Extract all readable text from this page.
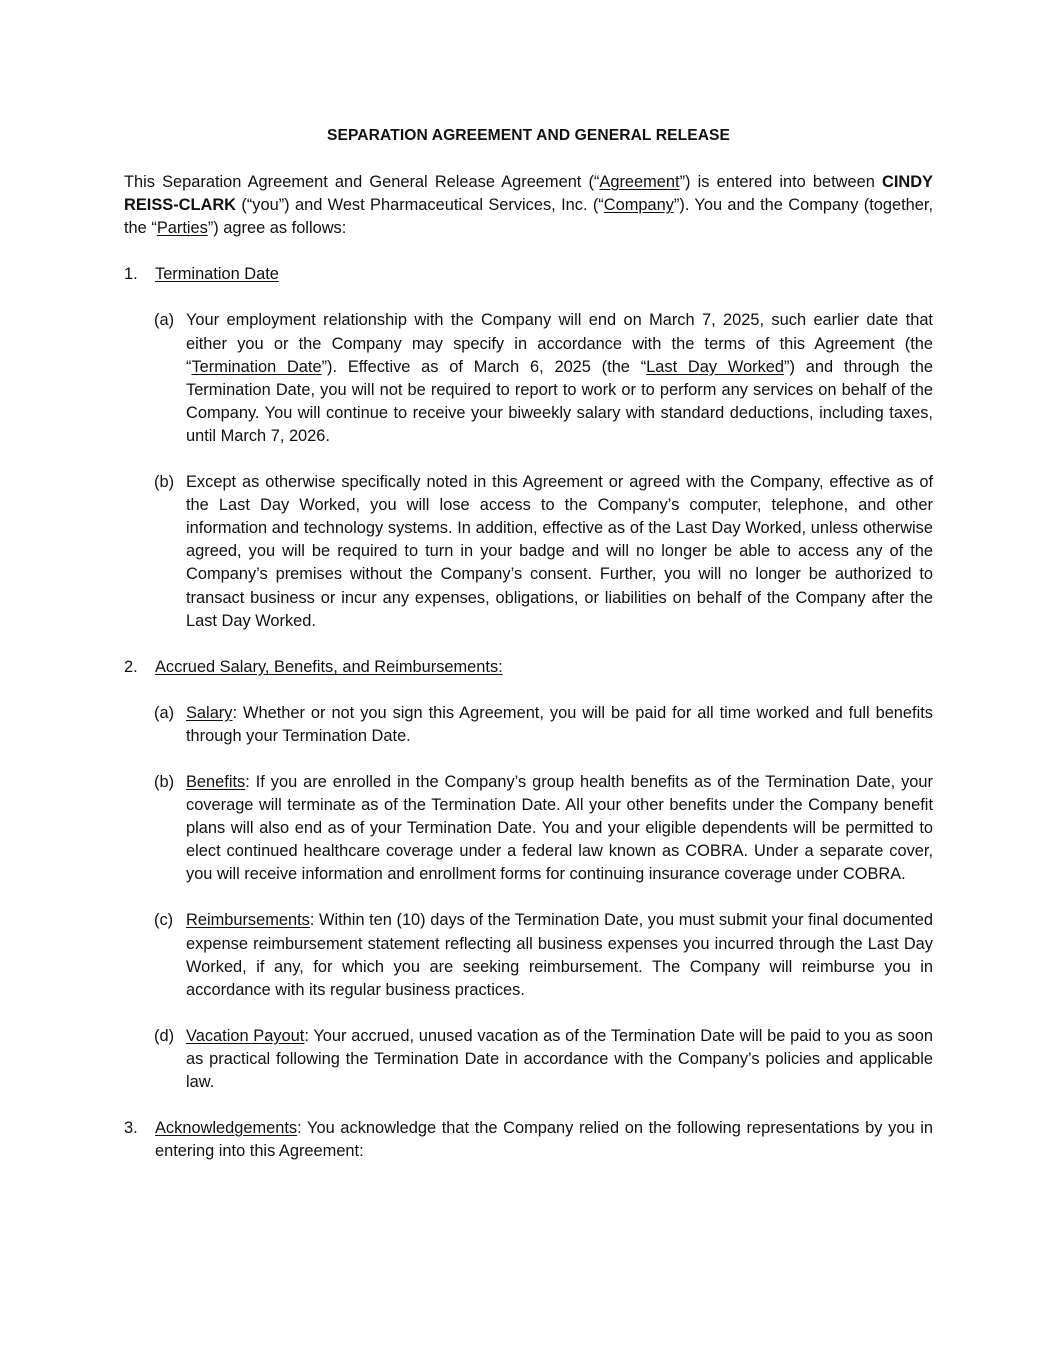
SEPARATION AGREEMENT AND GENERAL RELEASE

This Separation Agreement and General Release Agreement (“Agreement”) is entered into between CINDY REISS-CLARK (“you”) and West Pharmaceutical Services, Inc. (“Company”). You and the Company (together, the “Parties”) agree as follows:

1. Termination Date
(a) Your employment relationship with the Company will end on March 7, 2025, such earlier date that either you or the Company may specify in accordance with the terms of this Agreement (the “Termination Date”). Effective as of March 6, 2025 (the “Last Day Worked”) and through the Termination Date, you will not be required to report to work or to perform any services on behalf of the Company. You will continue to receive your biweekly salary with standard deductions, including taxes, until March 7, 2026.
(b) Except as otherwise specifically noted in this Agreement or agreed with the Company, effective as of the Last Day Worked, you will lose access to the Company’s computer, telephone, and other information and technology systems. In addition, effective as of the Last Day Worked, unless otherwise agreed, you will be required to turn in your badge and will no longer be able to access any of the Company’s premises without the Company’s consent. Further, you will no longer be authorized to transact business or incur any expenses, obligations, or liabilities on behalf of the Company after the Last Day Worked.
2. Accrued Salary, Benefits, and Reimbursements:
(a) Salary: Whether or not you sign this Agreement, you will be paid for all time worked and full benefits through your Termination Date.
(b) Benefits: If you are enrolled in the Company’s group health benefits as of the Termination Date, your coverage will terminate as of the Termination Date. All your other benefits under the Company benefit plans will also end as of your Termination Date. You and your eligible dependents will be permitted to elect continued healthcare coverage under a federal law known as COBRA. Under a separate cover, you will receive information and enrollment forms for continuing insurance coverage under COBRA.
(c) Reimbursements: Within ten (10) days of the Termination Date, you must submit your final documented expense reimbursement statement reflecting all business expenses you incurred through the Last Day Worked, if any, for which you are seeking reimbursement. The Company will reimburse you in accordance with its regular business practices.
(d) Vacation Payout: Your accrued, unused vacation as of the Termination Date will be paid to you as soon as practical following the Termination Date in accordance with the Company’s policies and applicable law.
3. Acknowledgements: You acknowledge that the Company relied on the following representations by you in entering into this Agreement:
